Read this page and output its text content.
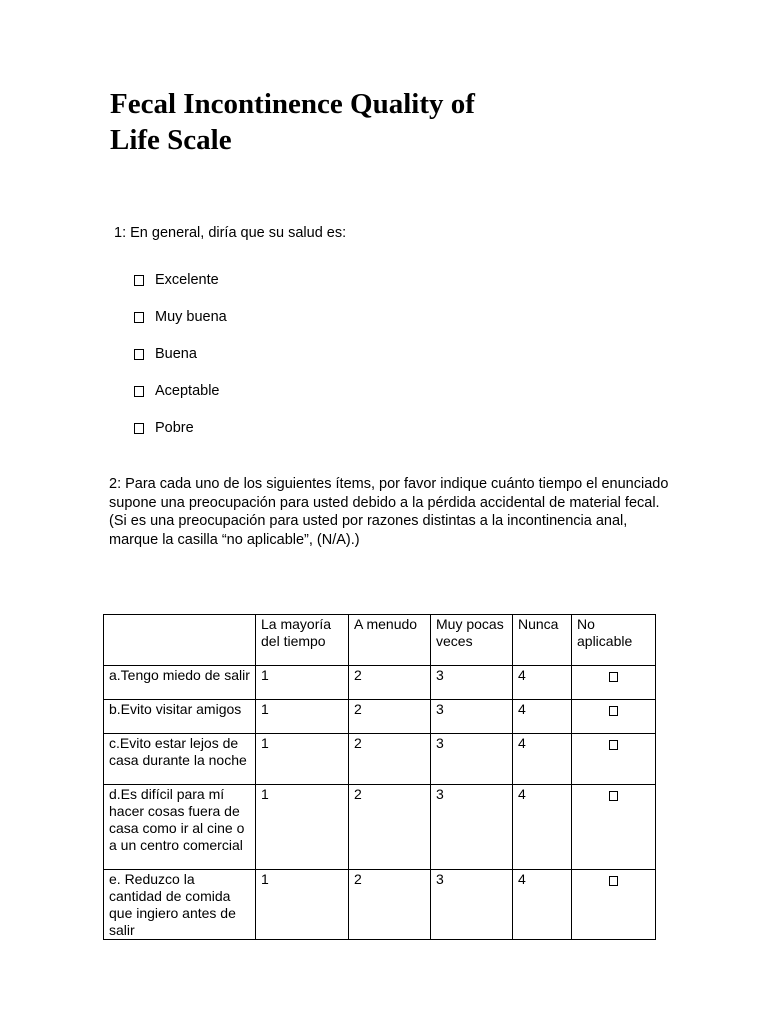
Fecal Incontinence Quality of
Life Scale

1: En general, diría que su salud es:

Excelente
Muy buena
Buena
Aceptable
Pobre

2: Para cada uno de los siguientes ítems, por favor indique cuánto tiempo el enunciado supone una preocupación para usted debido a la pérdida accidental de material fecal. (Si es una preocupación para usted por razones distintas a la incontinencia anal, marque la casilla “no aplicable”, (N/A).)

	La mayoría del tiempo	A menudo	Muy pocas veces	Nunca	No aplicable
a.Tengo miedo de salir	1	2	3	4	
b.Evito visitar amigos	1	2	3	4	
c.Evito estar lejos de casa durante la noche	1	2	3	4	
d.Es difícil para mí hacer cosas fuera de casa como ir al cine o a un centro comercial	1	2	3	4	
e. Reduzco la cantidad de comida que ingiero antes de salir	1	2	3	4	
